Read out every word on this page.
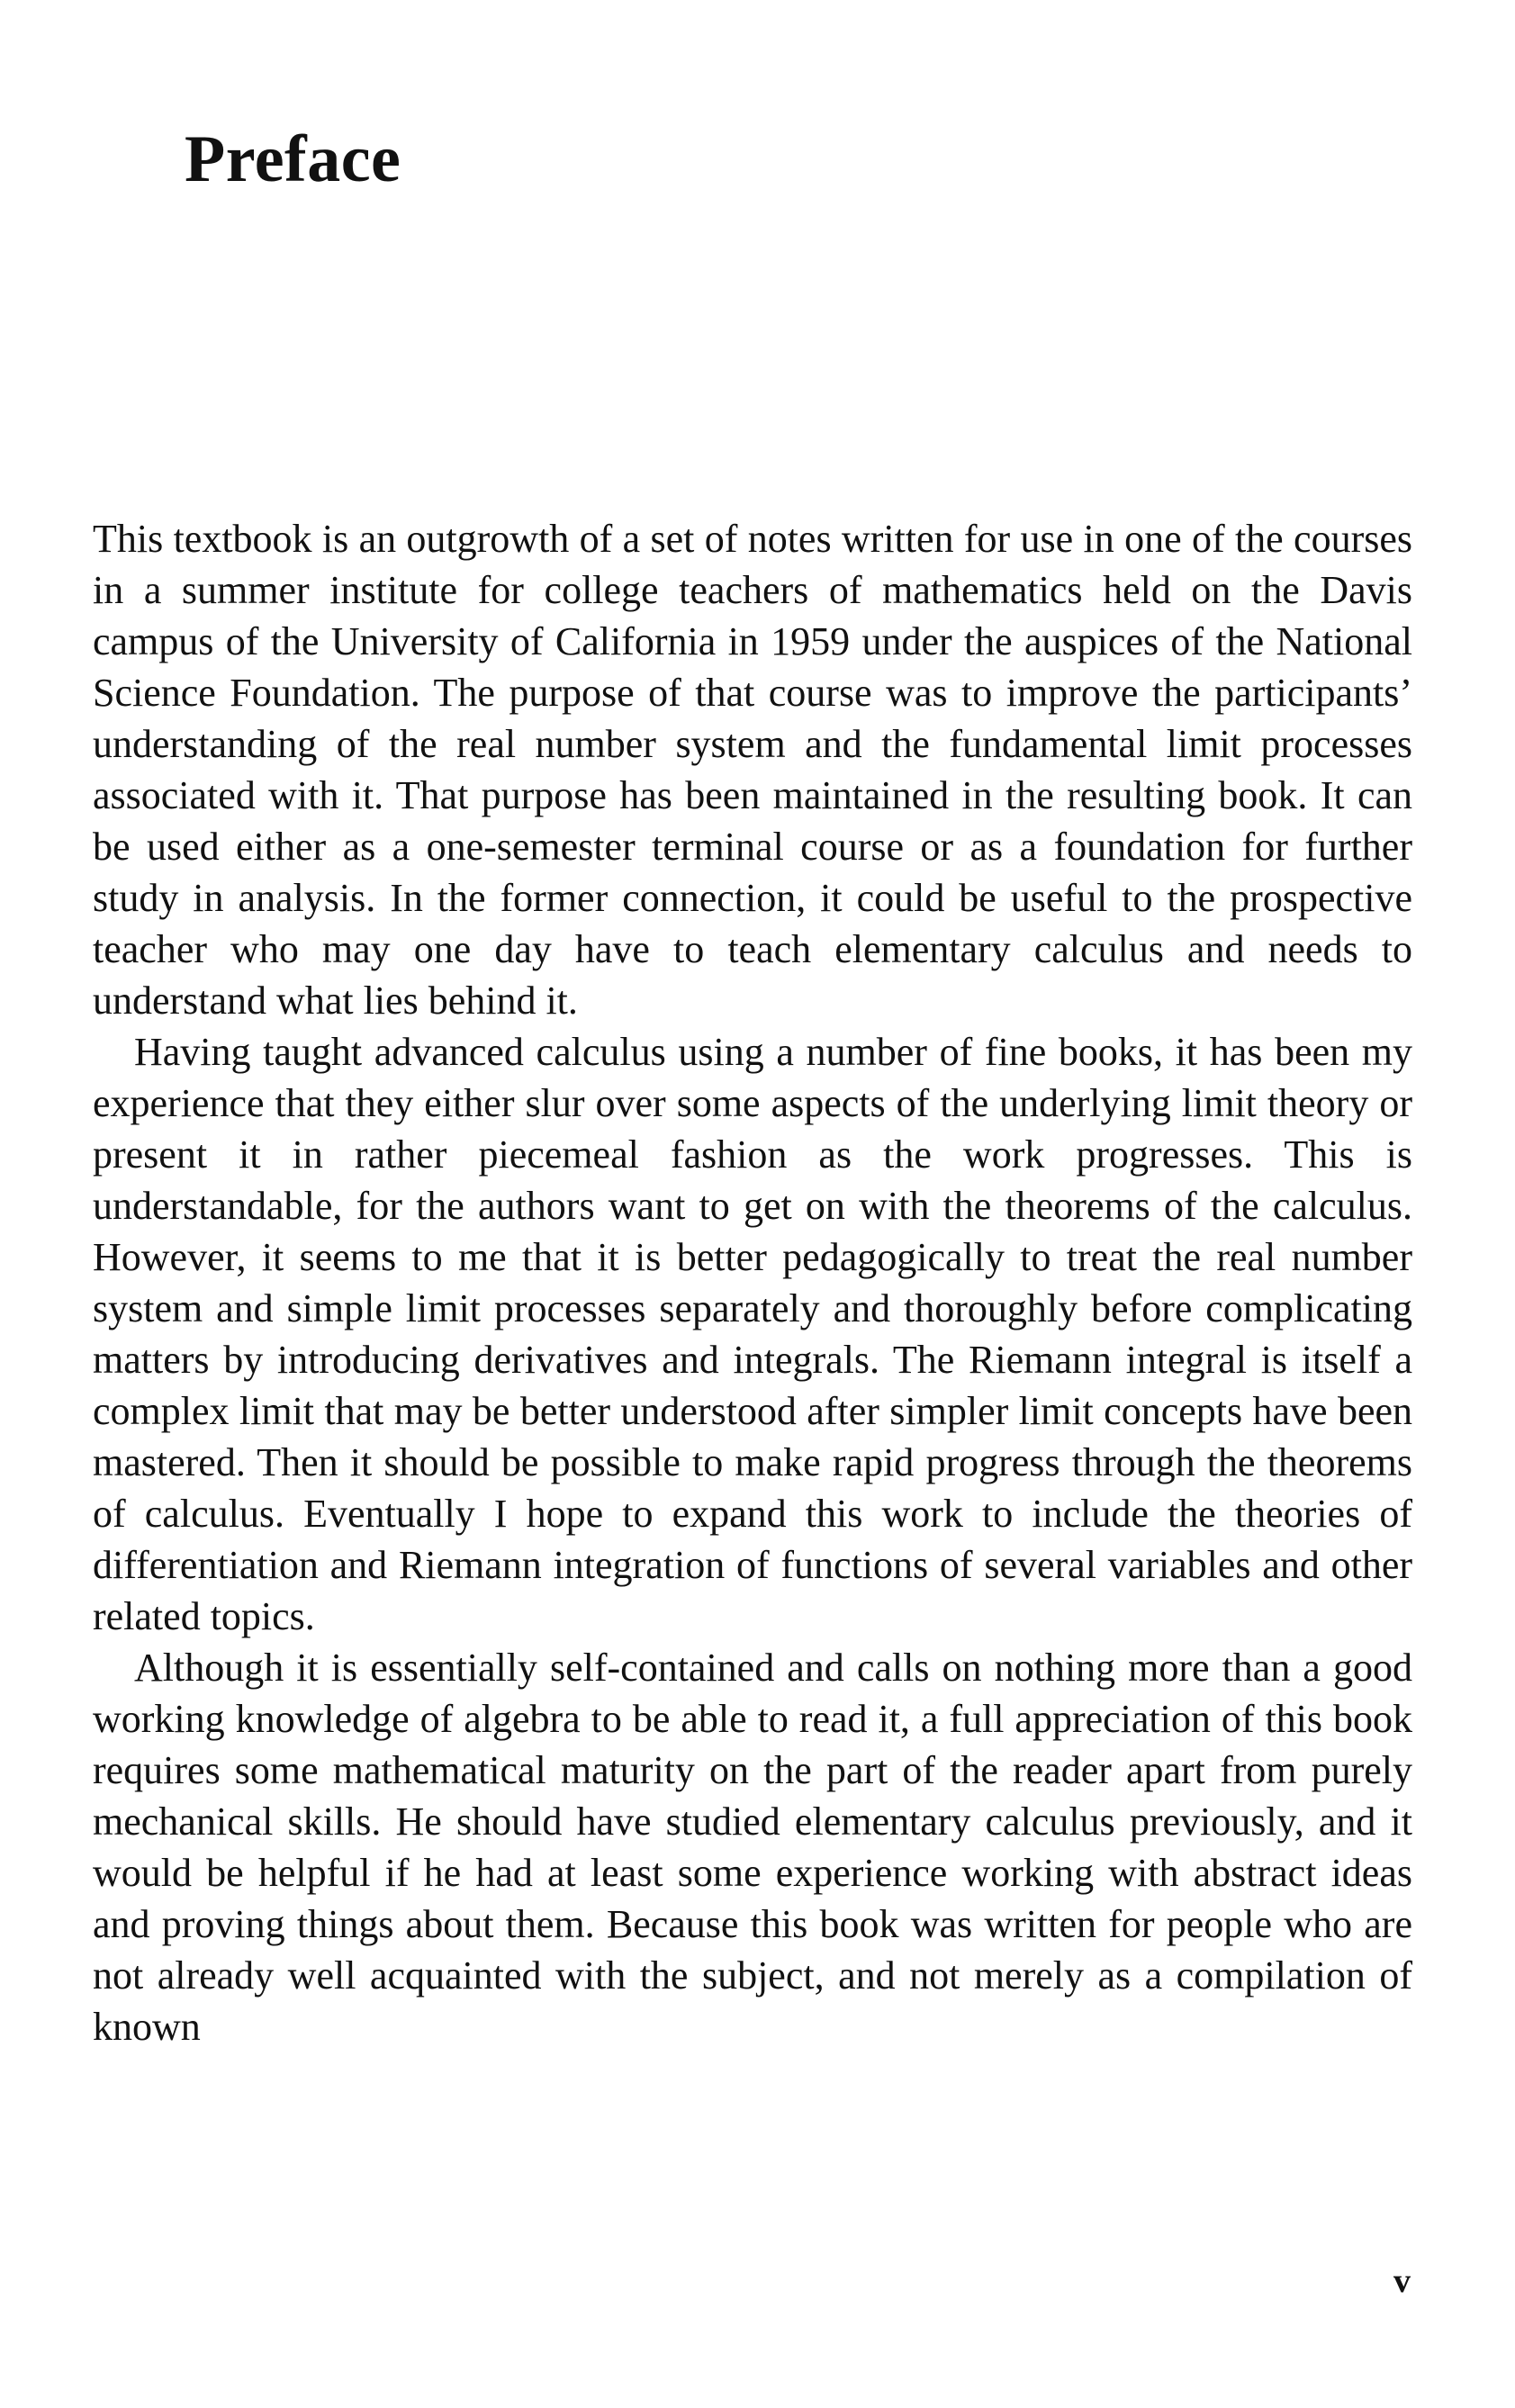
Preface

This textbook is an outgrowth of a set of notes written for use in one of the courses in a summer institute for college teachers of mathematics held on the Davis campus of the University of California in 1959 under the auspices of the National Science Foundation. The purpose of that course was to improve the participants’ understanding of the real number system and the fundamental limit processes associated with it. That purpose has been maintained in the resulting book. It can be used either as a one-semester terminal course or as a foundation for further study in analysis. In the former connection, it could be useful to the prospective teacher who may one day have to teach elementary calculus and needs to understand what lies behind it.

Having taught advanced calculus using a number of fine books, it has been my experience that they either slur over some aspects of the underlying limit theory or present it in rather piecemeal fashion as the work progresses. This is understandable, for the authors want to get on with the theorems of the calculus. However, it seems to me that it is better pedagogically to treat the real number system and simple limit processes separately and thoroughly before complicating matters by introducing derivatives and integrals. The Riemann integral is itself a complex limit that may be better understood after simpler limit concepts have been mastered. Then it should be possible to make rapid progress through the theorems of calculus. Eventually I hope to expand this work to include the theories of differentiation and Riemann integration of functions of several variables and other related topics.

Although it is essentially self-contained and calls on nothing more than a good working knowledge of algebra to be able to read it, a full appreciation of this book requires some mathematical maturity on the part of the reader apart from purely mechanical skills. He should have studied elementary calculus previously, and it would be helpful if he had at least some experience working with abstract ideas and proving things about them. Because this book was written for people who are not already well acquainted with the subject, and not merely as a compilation of known

v
